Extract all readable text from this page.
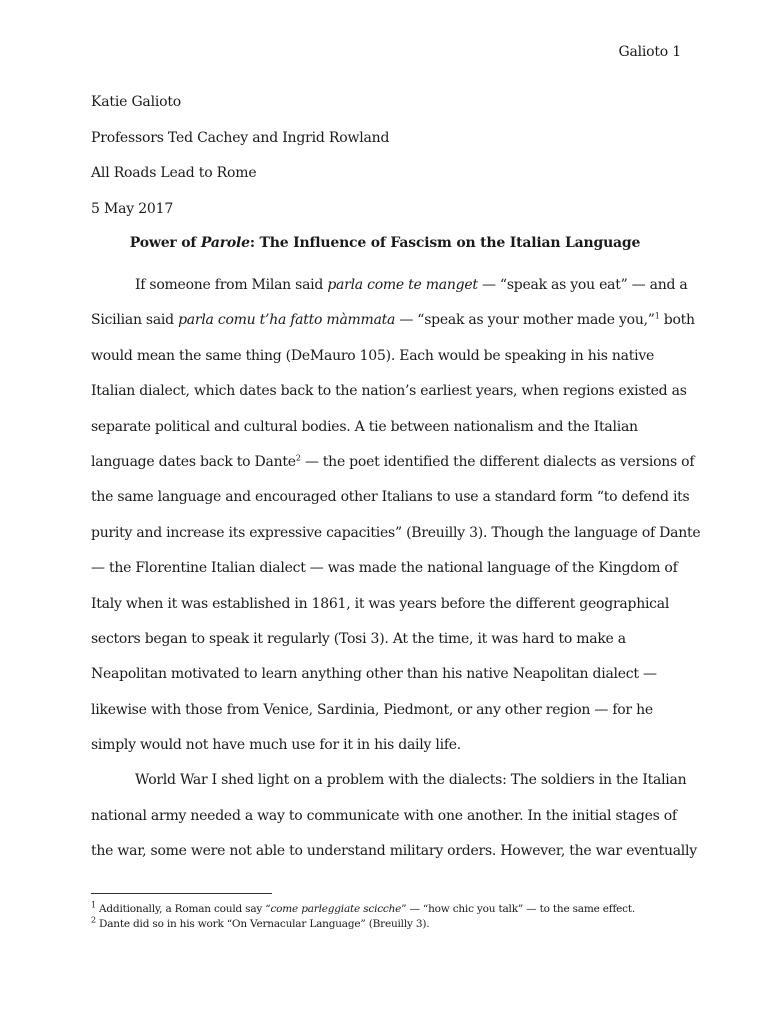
Galioto 1
Katie Galioto
Professors Ted Cachey and Ingrid Rowland
All Roads Lead to Rome
5 May 2017
Power of Parole: The Influence of Fascism on the Italian Language
If someone from Milan said parla come te manget — “speak as you eat” — and a
Sicilian said parla comu t’ha fatto màmmata — “speak as your mother made you,”$^1$ both
would mean the same thing (DeMauro 105). Each would be speaking in his native
Italian dialect, which dates back to the nation’s earliest years, when regions existed as
separate political and cultural bodies. A tie between nationalism and the Italian
language dates back to Dante$^2$ — the poet identified the different dialects as versions of
the same language and encouraged other Italians to use a standard form “to defend its
purity and increase its expressive capacities” (Breuilly 3). Though the language of Dante
— the Florentine Italian dialect — was made the national language of the Kingdom of
Italy when it was established in 1861, it was years before the different geographical
sectors began to speak it regularly (Tosi 3). At the time, it was hard to make a
Neapolitan motivated to learn anything other than his native Neapolitan dialect —
likewise with those from Venice, Sardinia, Piedmont, or any other region — for he
simply would not have much use for it in his daily life.
World War I shed light on a problem with the dialects: The soldiers in the Italian
national army needed a way to communicate with one another. In the initial stages of
the war, some were not able to understand military orders. However, the war eventually
$^1$ Additionally, a Roman could say “come parleggiate scicche” — “how chic you talk” — to the same effect.
$^2$ Dante did so in his work “On Vernacular Language” (Breuilly 3).
